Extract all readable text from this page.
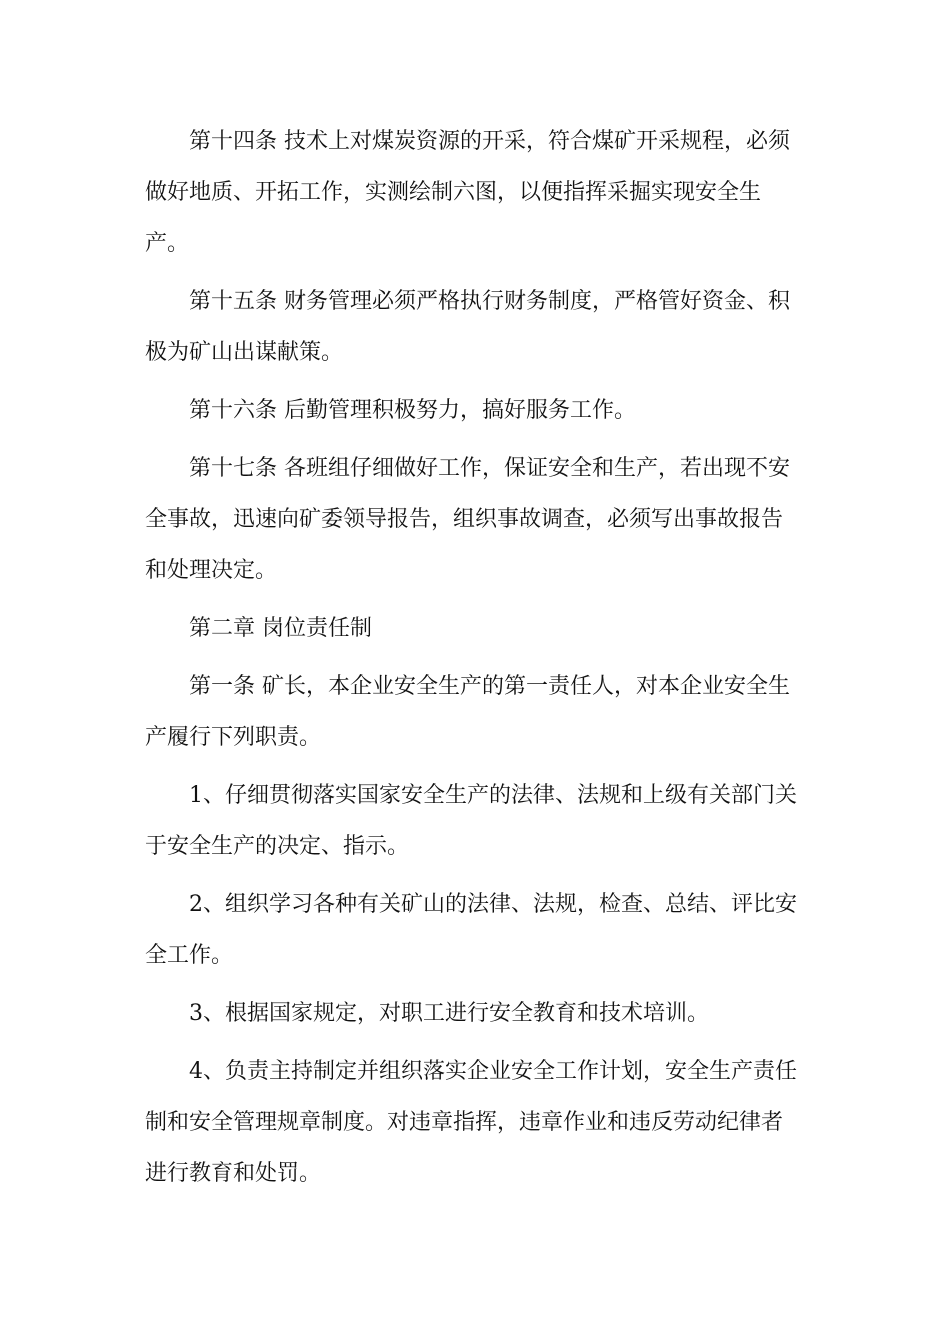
第十四条 技术上对煤炭资源的开采，符合煤矿开采规程，必须
做好地质、开拓工作，实测绘制六图，以便指挥采掘实现安全生
产。

第十五条 财务管理必须严格执行财务制度，严格管好资金、积
极为矿山出谋献策。

第十六条 后勤管理积极努力，搞好服务工作。

第十七条 各班组仔细做好工作，保证安全和生产，若出现不安
全事故，迅速向矿委领导报告，组织事故调查，必须写出事故报告
和处理决定。

第二章 岗位责任制

第一条 矿长，本企业安全生产的第一责任人，对本企业安全生
产履行下列职责。

1、仔细贯彻落实国家安全生产的法律、法规和上级有关部门关
于安全生产的决定、指示。

2、组织学习各种有关矿山的法律、法规，检查、总结、评比安
全工作。

3、根据国家规定，对职工进行安全教育和技术培训。

4、负责主持制定并组织落实企业安全工作计划，安全生产责任
制和安全管理规章制度。对违章指挥，违章作业和违反劳动纪律者
进行教育和处罚。
